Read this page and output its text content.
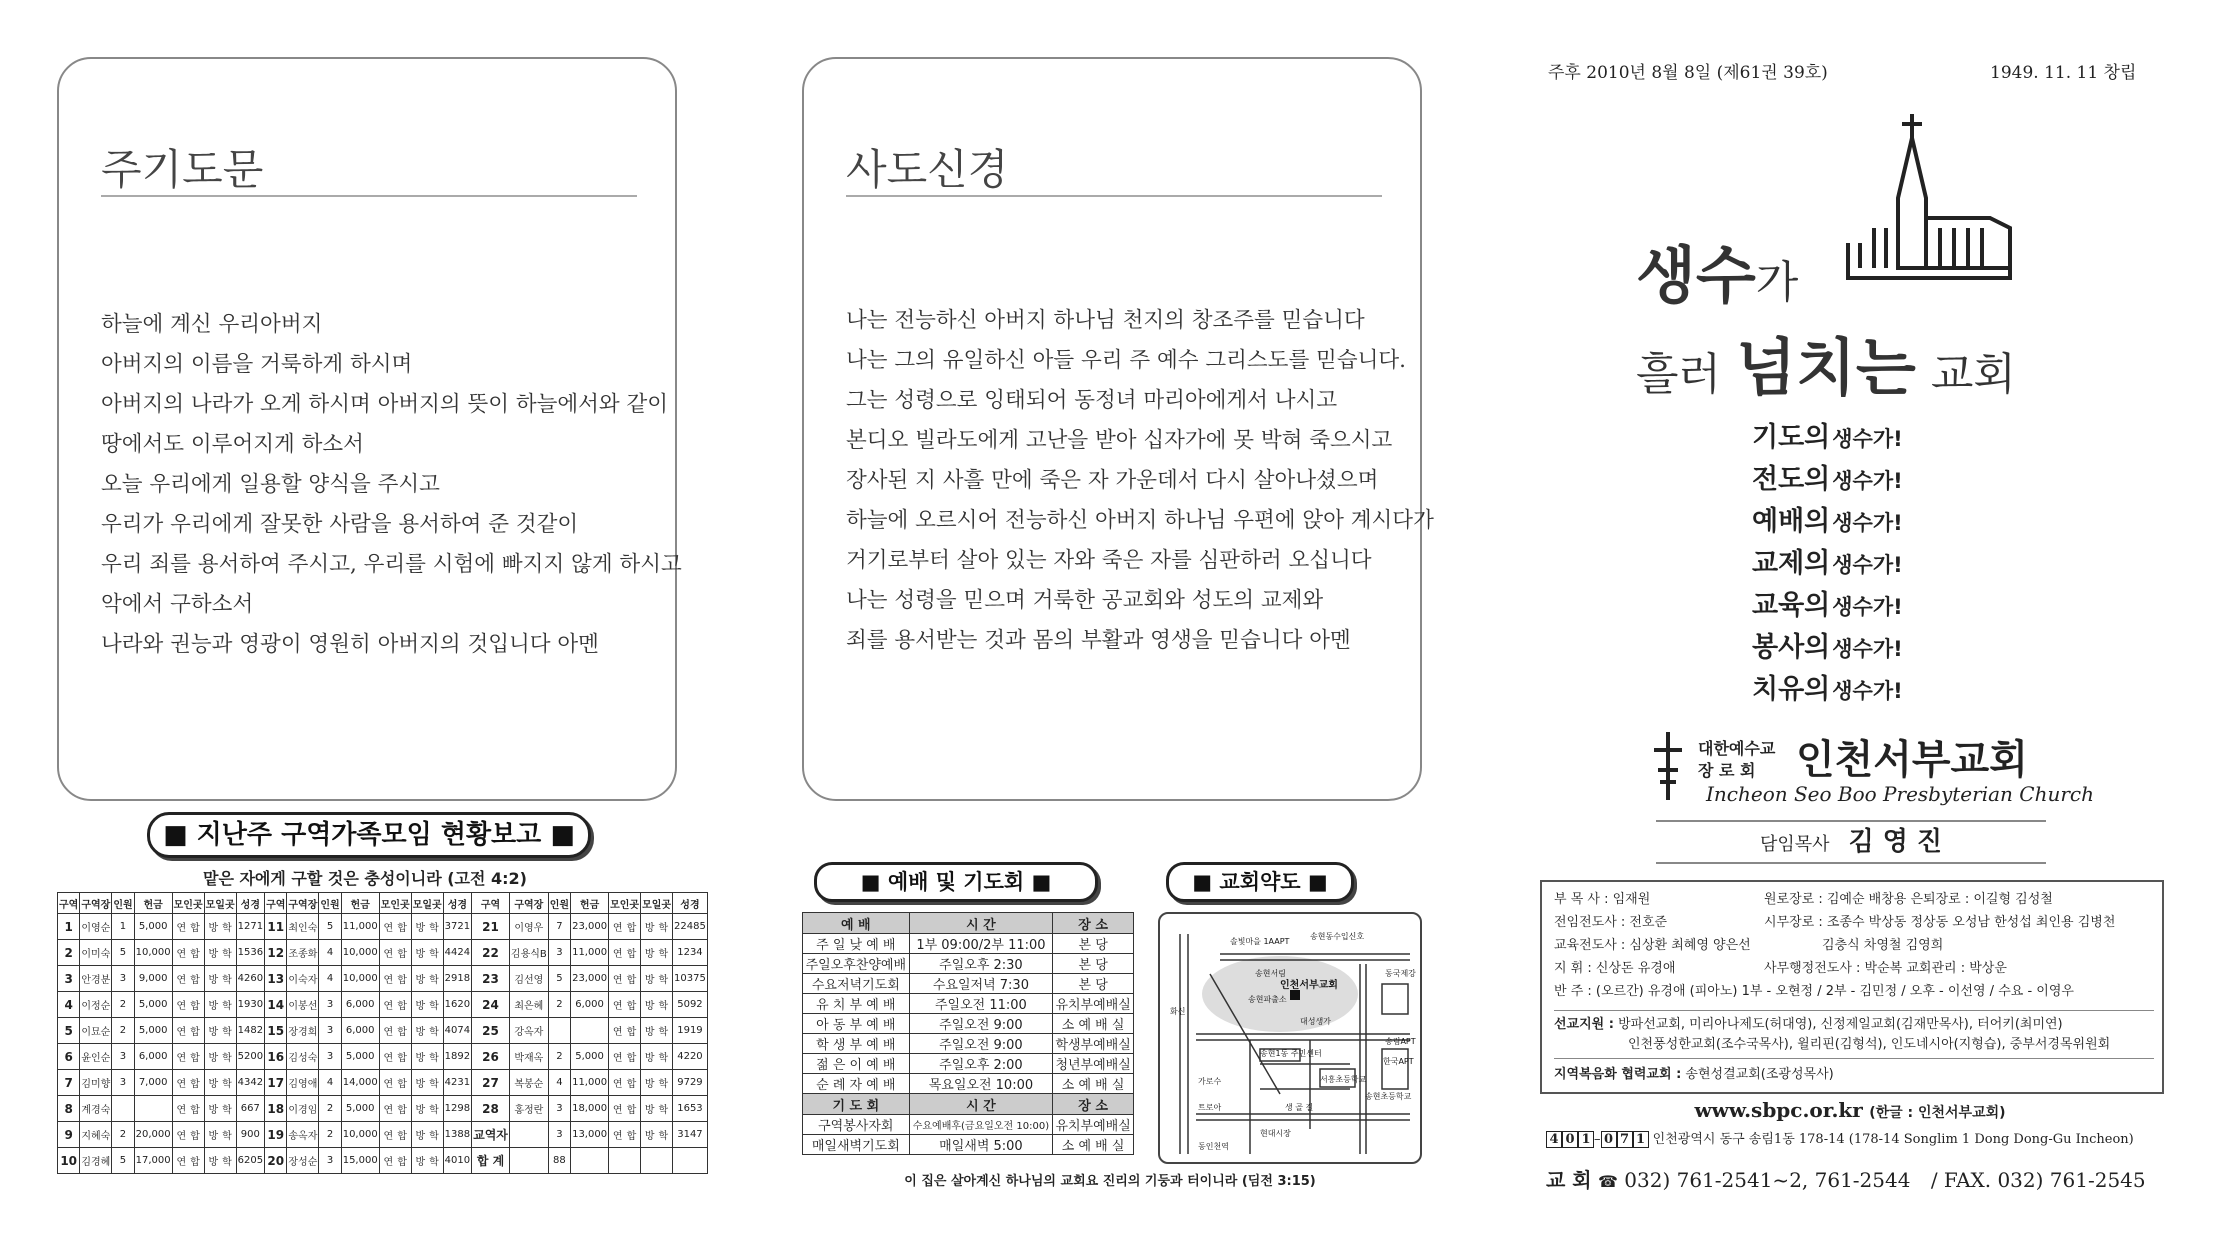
주기도문
하늘에 계신 우리아버지
아버지의 이름을 거룩하게 하시며
아버지의 나라가 오게 하시며 아버지의 뜻이 하늘에서와 같이
땅에서도 이루어지게 하소서
오늘 우리에게 일용할 양식을 주시고
우리가 우리에게 잘못한 사람을 용서하여 준 것같이
우리 죄를 용서하여 주시고, 우리를 시험에 빠지지 않게 하시고
악에서 구하소서
나라와 권능과 영광이 영원히 아버지의 것입니다 아멘
사도신경
나는 전능하신 아버지 하나님 천지의 창조주를 믿습니다
나는 그의 유일하신 아들 우리 주 예수 그리스도를 믿습니다.
그는 성령으로 잉태되어 동정녀 마리아에게서 나시고
본디오 빌라도에게 고난을 받아 십자가에 못 박혀 죽으시고
장사된 지 사흘 만에 죽은 자 가운데서 다시 살아나셨으며
하늘에 오르시어 전능하신 아버지 하나님 우편에 앉아 계시다가
거기로부터 살아 있는 자와 죽은 자를 심판하러 오십니다
나는 성령을 믿으며 거룩한 공교회와 성도의 교제와
죄를 용서받는 것과 몸의 부활과 영생을 믿습니다 아멘
■ 지난주 구역가족모임 현황보고 ■
맡은 자에게 구할 것은 충성이니라 (고전 4:2)
구역	구역장	인원	헌금	모인곳	모일곳	성경	구역	구역장	인원	헌금	모인곳	모일곳	성경	구역	구역장	인원	헌금	모인곳	모일곳	성경
1	이영순	1	5,000	연 합	방 학	1271	11	최인숙	5	11,000	연 합	방 학	3721	21	이영우	7	23,000	연 합	방 학	22485
2	이미숙	5	10,000	연 합	방 학	1536	12	조종화	4	10,000	연 합	방 학	4424	22	김용식B	3	11,000	연 합	방 학	1234
3	안경분	3	9,000	연 합	방 학	4260	13	이숙자	4	10,000	연 합	방 학	2918	23	김선영	5	23,000	연 합	방 학	10375
4	이정순	2	5,000	연 합	방 학	1930	14	이봉선	3	6,000	연 합	방 학	1620	24	최은혜	2	6,000	연 합	방 학	5092
5	이묘순	2	5,000	연 합	방 학	1482	15	장경희	3	6,000	연 합	방 학	4074	25	강옥자			연 합	방 학	1919
6	윤인순	3	6,000	연 합	방 학	5200	16	김성숙	3	5,000	연 합	방 학	1892	26	박재옥	2	5,000	연 합	방 학	4220
7	김미향	3	7,000	연 합	방 학	4342	17	김영애	4	14,000	연 합	방 학	4231	27	복봉순	4	11,000	연 합	방 학	9729
8	계경숙			연 합	방 학	667	18	이경임	2	5,000	연 합	방 학	1298	28	홍정란	3	18,000	연 합	방 학	1653
9	지혜숙	2	20,000	연 합	방 학	900	19	송옥자	2	10,000	연 합	방 학	1388	교역자		3	13,000	연 합	방 학	3147
10	김경혜	5	17,000	연 합	방 학	6205	20	장성순	3	15,000	연 합	방 학	4010	합 계		88				
■ 예배 및 기도회 ■
예 배	시 간	장 소
주 일 낮 예 배	1부 09:00/2부 11:00	본 당
주일오후찬양예배	주일오후 2:30	본 당
수요저녁기도회	수요일저녁 7:30	본 당
유 치 부 예 배	주일오전 11:00	유치부예배실
아 동 부 예 배	주일오전 9:00	소 예 배 실
학 생 부 예 배	주일오전 9:00	학생부예배실
젊 은 이 예 배	주일오후 2:00	청년부예배실
순 례 자 예 배	목요일오전 10:00	소 예 배 실
기 도 회	시 간	장 소
구역봉사자회	수요예배후(금요일오전 10:00)	유치부예배실
매일새벽기도회	매일새벽 5:00	소 예 배 실
이 집은 살아계신 하나님의 교회요 진리의 기둥과 터이니라 (딤전 3:15)
■ 교회약도 ■
인천서부교회
송현서림
송현파출소
동국제강
송현동수입신호
송현1동 주민센터
송림APT
서흥초등학교
생 골 길
송현초등학교
한국APT
현대시장
트로아
가로수
동인천역
솔빛마을 1AAPT
화신
대성생가
주후 2010년 8월 8일 (제61권 39호)	1949. 11. 11 창립
생수가
흘러 넘치는 교회
기도의생수가!
전도의생수가!
예배의생수가!
교제의생수가!
교육의생수가!
봉사의생수가!
치유의생수가!
대한예수교
장 로 회 인천서부교회
Incheon Seo Boo Presbyterian Church
담임목사 김 영 진
부 목 사 : 임재원	원로장로 : 김예순 배창용 은퇴장로 : 이길형 김성철
전임전도사 : 전호준	시무장로 : 조종수 박상동 정상동 오성남 한성섭 최인용 김병천
교육전도사 : 심상환 최혜영 양은선	김충식 차영철 김영희
지 휘 : 신상돈 유경애	사무행정전도사 : 박순복 교회관리 : 박상운
반 주 : (오르간) 유경애 (피아노) 1부 - 오현정 / 2부 - 김민정 / 오후 - 이선영 / 수요 - 이영우
선교지원 : 방파선교회, 미리아나제도(허대영), 신정제일교회(김재만목사), 터어키(최미연)
인천풍성한교회(조수국목사), 윌리핀(김형석), 인도네시아(지형습), 중부서경목위원회
지역복음화 협력교회 : 송현성결교회(조광성목사)
www.sbpc.or.kr (한글 : 인천서부교회)
4 0 1 – 0 7 1 인천광역시 동구 송림1동 178-14 (178-14 Songlim 1 Dong Dong-Gu Incheon)
교 회 ☎ 032) 761-2541~2, 761-2544 / FAX. 032) 761-2545
